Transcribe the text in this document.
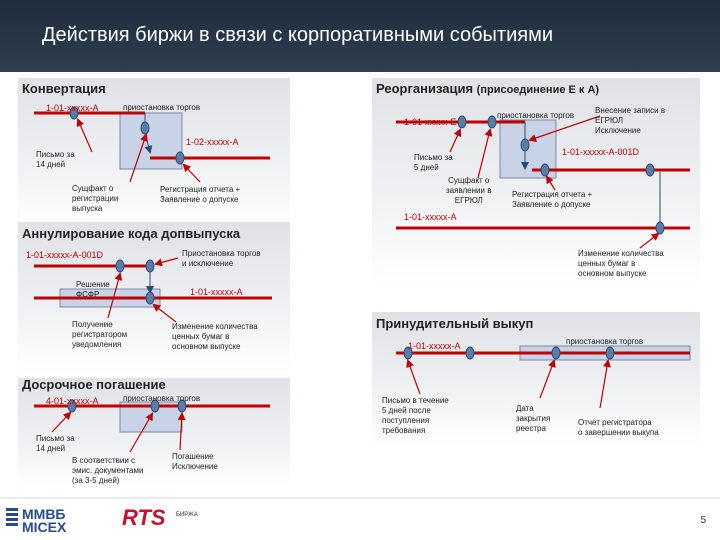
Действия биржи в связи с корпоративными событиями
Конвертация
1-01-xxxxx-A	приостановка торгов
1-02-xxxxx-A
Письмо за
14 дней
Сущфакт о
регистрации
выпуска
Регистрация отчета +
Заявление о допуске
Реорганизация (присоединение Е к А)
1-01-xxxxx-E
приостановка торгов
Внесение записи в
ЕГРЮЛ
Исключение
1-01-xxxxx-A-001D
Письмо за
5 дней
Сущфакт о
заявлении в
ЕГРЮЛ
Регистрация отчета +
Заявление о допуске
1-01-xxxxx-A
Изменение количества
ценных бумаг в
основном выпуске
Аннулирование кода допвыпуска
1-01-xxxxx-A-001D	Приостановка торгов
и исключение
Решение
ФСФР	1-01-xxxxx-A
Получение
регистратором
уведомления
Изменение количества
ценных бумаг в
основном выпуске
Принудительный выкуп
1-01-xxxxx-A	приостановка торгов
Письмо в течение
5 дней после
поступления
требования
Дата
закрытия
реестра
Отчет регистратора
о завершении выкупа
Досрочное погашение
4-01-xxxxx-A	приостановка торгов
Письмо за
14 дней
В соответствии с
эмис. документами
(за 3-5 дней)
Погашение
Исключение
ММВБ
MICEX	RTS БИРЖА	5
